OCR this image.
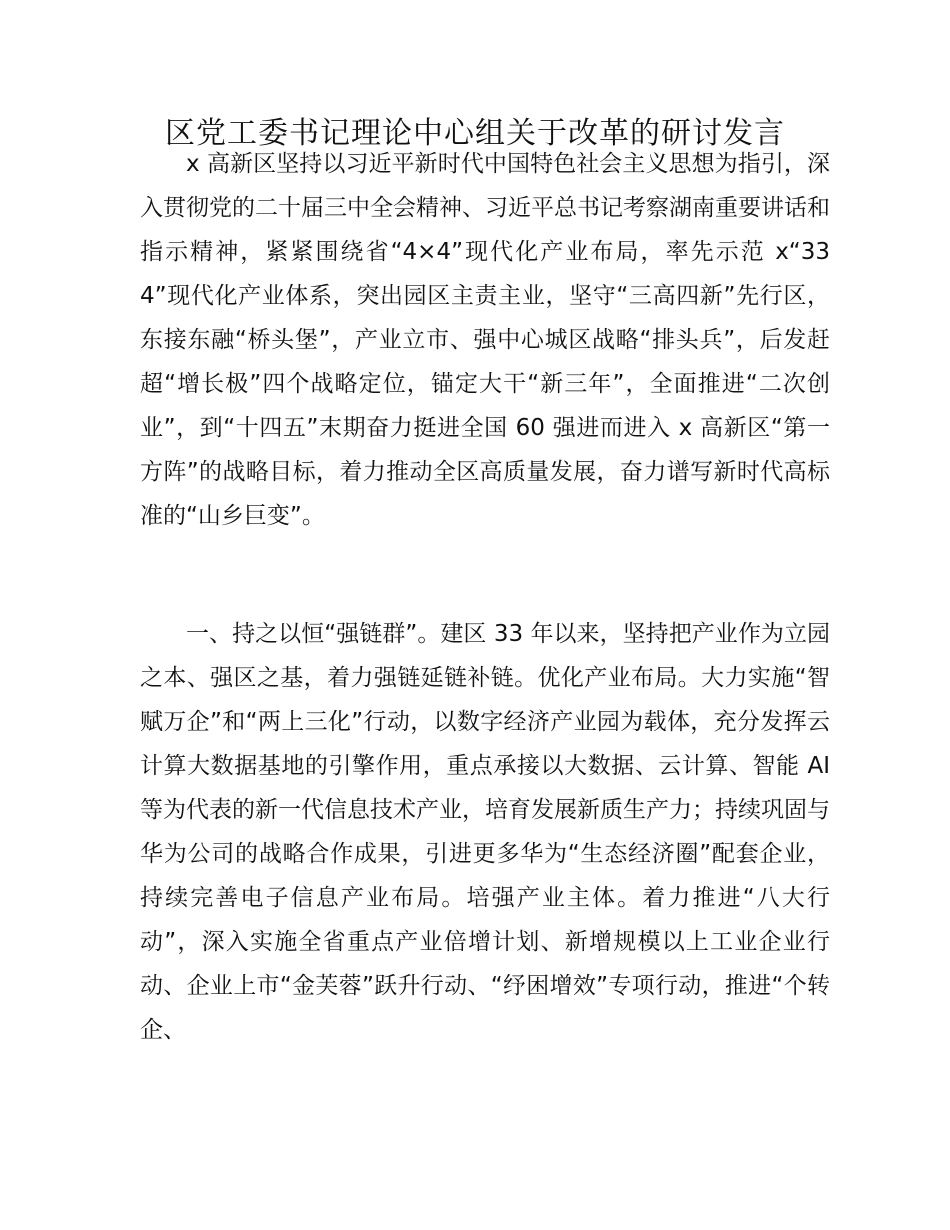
区党工委书记理论中心组关于改革的研讨发言

x 高新区坚持以习近平新时代中国特色社会主义思想为指引，深入贯彻党的二十届三中全会精神、习近平总书记考察湖南重要讲话和指示精神，紧紧围绕省“4×4”现代化产业布局，率先示范 x“334”现代化产业体系，突出园区主责主业，坚守“三高四新”先行区，东接东融“桥头堡”，产业立市、强中心城区战略“排头兵”，后发赶超“增长极”四个战略定位，锚定大干“新三年”，全面推进“二次创业”，到“十四五”末期奋力挺进全国 60 强进而进入 x 高新区“第一方阵”的战略目标，着力推动全区高质量发展，奋力谱写新时代高标准的“山乡巨变”。

一、持之以恒“强链群”。建区 33 年以来，坚持把产业作为立园之本、强区之基，着力强链延链补链。优化产业布局。大力实施“智赋万企”和“两上三化”行动，以数字经济产业园为载体，充分发挥云计算大数据基地的引擎作用，重点承接以大数据、云计算、智能 AI 等为代表的新一代信息技术产业，培育发展新质生产力；持续巩固与华为公司的战略合作成果，引进更多华为“生态经济圈”配套企业，持续完善电子信息产业布局。培强产业主体。着力推进“八大行动”，深入实施全省重点产业倍增计划、新增规模以上工业企业行动、企业上市“金芙蓉”跃升行动、“纾困增效”专项行动，推进“个转企、
